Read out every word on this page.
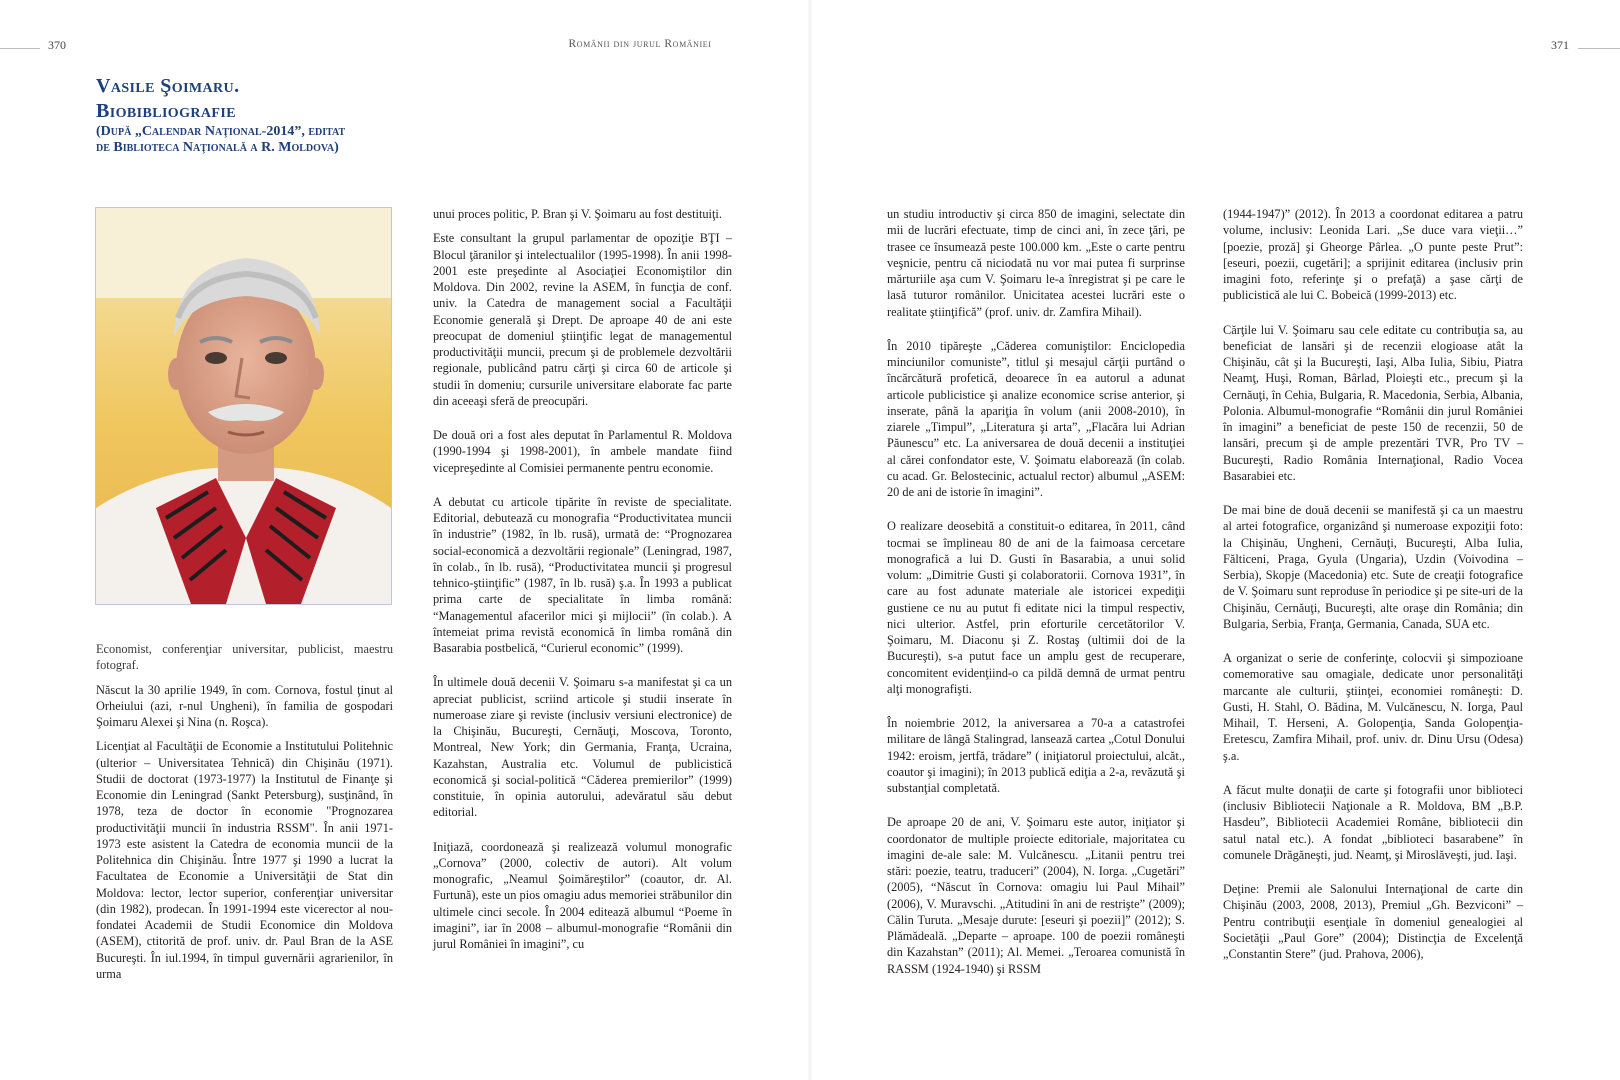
370	Românii din jurul României	371
Vasile Şoimaru.
Biobibliografie
(După „Calendar Naţional-2014”, editat
de Biblioteca Naţională a R. Moldova)

Economist, conferenţiar universitar, publicist, maestru fotograf.

Născut la 30 aprilie 1949, în com. Cornova, fostul ţinut al Orheiului (azi, r-nul Ungheni), în familia de gospodari Şoimaru Alexei şi Nina (n. Roşca).

Licenţiat al Facultăţii de Economie a Institutului Politehnic (ulterior – Universitatea Tehnică) din Chişinău (1971). Studii de doctorat (1973-1977) la Institutul de Finanţe şi Economie din Leningrad (Sankt Petersburg), susţinând, în 1978, teza de doctor în economie "Prognozarea productivităţii muncii în industria RSSM". În anii 1971-1973 este asistent la Catedra de economia muncii de la Politehnica din Chişinău. Între 1977 şi 1990 a lucrat la Facultatea de Economie a Universităţii de Stat din Moldova: lector, lector superior, conferenţiar universitar (din 1982), prodecan. În 1991-1994 este vicerector al nou-fondatei Academii de Studii Economice din Moldova (ASEM), ctitorită de prof. univ. dr. Paul Bran de la ASE Bucureşti. În iul.1994, în timpul guvernării agrarienilor, în urma

unui proces politic, P. Bran şi V. Şoimaru au fost destituiţi.

Este consultant la grupul parlamentar de opoziţie BŢI – Blocul ţăranilor şi intelectualilor (1995-1998). În anii 1998-2001 este preşedinte al Asociaţiei Economiştilor din Moldova. Din 2002, revine la ASEM, în funcţia de conf. univ. la Catedra de management social a Facultăţii Economie generală şi Drept. De aproape 40 de ani este preocupat de domeniul ştiinţific legat de managementul productivităţii muncii, precum şi de problemele dezvoltării regionale, publicând patru cărţi şi circa 60 de articole şi studii în domeniu; cursurile universitare elaborate fac parte din aceeaşi sferă de preocupări.

De două ori a fost ales deputat în Parlamentul R. Moldova (1990-1994 şi 1998-2001), în ambele mandate fiind vicepreşedinte al Comisiei permanente pentru economie.

A debutat cu articole tipărite în reviste de specialitate. Editorial, debutează cu monografia “Productivitatea muncii în industrie” (1982, în lb. rusă), urmată de: “Prognozarea social-economică a dezvoltării regionale” (Leningrad, 1987, în colab., în lb. rusă), “Productivitatea muncii şi progresul tehnico-ştiinţific” (1987, în lb. rusă) ş.a. În 1993 a publicat prima carte de specialitate în limba română: “Managementul afacerilor mici şi mijlocii” (în colab.). A întemeiat prima revistă economică în limba română din Basarabia postbelică, “Curierul economic” (1999).

În ultimele două decenii V. Şoimaru s-a manifestat şi ca un apreciat publicist, scriind articole şi studii inserate în numeroase ziare şi reviste (inclusiv versiuni electronice) de la Chişinău, Bucureşti, Cernăuţi, Moscova, Toronto, Montreal, New York; din Germania, Franţa, Ucraina, Kazahstan, Australia etc. Volumul de publicistică economică şi social-politică “Căderea premierilor” (1999) constituie, în opinia autorului, adevăratul său debut editorial.

Iniţiază, coordonează şi realizează volumul monografic „Cornova” (2000, colectiv de autori). Alt volum monografic, „Neamul Şoimăreştilor” (coautor, dr. Al. Furtună), este un pios omagiu adus memoriei străbunilor din ultimele cinci secole. În 2004 editează albumul “Poeme în imagini”, iar în 2008 – albumul-monografie “Românii din jurul României în imagini”, cu

un studiu introductiv şi circa 850 de imagini, selectate din mii de lucrări efectuate, timp de cinci ani, în zece ţări, pe trasee ce însumează peste 100.000 km. „Este o carte pentru veşnicie, pentru că niciodată nu vor mai putea fi surprinse mărturiile aşa cum V. Şoimaru le-a înregistrat şi pe care le lasă tuturor românilor. Unicitatea acestei lucrări este o realitate ştiinţifică” (prof. univ. dr. Zamfira Mihail).

În 2010 tipăreşte „Căderea comuniştilor: Enciclopedia minciunilor comuniste”, titlul şi mesajul cărţii purtând o încărcătură profetică, deoarece în ea autorul a adunat articole publicistice şi analize economice scrise anterior, şi inserate, până la apariţia în volum (anii 2008-2010), în ziarele „Timpul”, „Literatura şi arta”, „Flacăra lui Adrian Păunescu” etc. La aniversarea de două decenii a instituţiei al cărei confondator este, V. Şoimatu elaborează (în colab. cu acad. Gr. Belostecinic, actualul rector) albumul „ASEM: 20 de ani de istorie în imagini”.

O realizare deosebită a constituit-o editarea, în 2011, când tocmai se împlineau 80 de ani de la faimoasa cercetare monografică a lui D. Gusti în Basarabia, a unui solid volum: „Dimitrie Gusti şi colaboratorii. Cornova 1931”, în care au fost adunate materiale ale istoricei expediţii gustiene ce nu au putut fi editate nici la timpul respectiv, nici ulterior. Astfel, prin eforturile cercetătorilor V. Şoimaru, M. Diaconu şi Z. Rostaş (ultimii doi de la Bucureşti), s-a putut face un amplu gest de recuperare, concomitent evidenţiind-o ca pildă demnă de urmat pentru alţi monografişti.

În noiembrie 2012, la aniversarea a 70-a a catastrofei militare de lângă Stalingrad, lansează cartea „Cotul Donului 1942: eroism, jertfă, trădare” ( iniţiatorul proiectului, alcăt., coautor şi imagini); în 2013 publică ediţia a 2-a, revăzută şi substanţial completată.

De aproape 20 de ani, V. Şoimaru este autor, iniţiator şi coordonator de multiple proiecte editoriale, majoritatea cu imagini de-ale sale: M. Vulcănescu. „Litanii pentru trei stări: poezie, teatru, traduceri” (2004), N. Iorga. „Cugetări” (2005), “Născut în Cornova: omagiu lui Paul Mihail” (2006), V. Muravschi. „Atitudini în ani de restrişte” (2009); Călin Turuta. „Mesaje durute: [eseuri şi poezii]” (2012); S. Plămădeală. „Departe – aproape. 100 de poezii româneşti din Kazahstan” (2011); Al. Memei. „Teroarea comunistă în RASSM (1924-1940) şi RSSM

(1944-1947)” (2012). În 2013 a coordonat editarea a patru volume, inclusiv: Leonida Lari. „Se duce vara vieţii…” [poezie, proză] şi Gheorge Pârlea. „O punte peste Prut”: [eseuri, poezii, cugetări]; a sprijinit editarea (inclusiv prin imagini foto, referinţe şi o prefaţă) a şase cărţi de publicistică ale lui C. Bobeică (1999-2013) etc.

Cărţile lui V. Şoimaru sau cele editate cu contribuţia sa, au beneficiat de lansări şi de recenzii elogioase atât la Chişinău, cât şi la Bucureşti, Iaşi, Alba Iulia, Sibiu, Piatra Neamţ, Huşi, Roman, Bârlad, Ploieşti etc., precum şi la Cernăuţi, în Cehia, Bulgaria, R. Macedonia, Serbia, Albania, Polonia. Albumul-monografie “Românii din jurul României în imagini” a beneficiat de peste 150 de recenzii, 50 de lansări, precum şi de ample prezentări TVR, Pro TV – Bucureşti, Radio România Internaţional, Radio Vocea Basarabiei etc.

De mai bine de două decenii se manifestă şi ca un maestru al artei fotografice, organizând şi numeroase expoziţii foto: la Chişinău, Ungheni, Cernăuţi, Bucureşti, Alba Iulia, Fălticeni, Praga, Gyula (Ungaria), Uzdin (Voivodina – Serbia), Skopje (Macedonia) etc. Sute de creaţii fotografice de V. Şoimaru sunt reproduse în periodice şi pe site-uri de la Chişinău, Cernăuţi, Bucureşti, alte oraşe din România; din Bulgaria, Serbia, Franţa, Germania, Canada, SUA etc.

A organizat o serie de conferinţe, colocvii şi simpozioane comemorative sau omagiale, dedicate unor personalităţi marcante ale culturii, ştiinţei, economiei româneşti: D. Gusti, H. Stahl, O. Bădina, M. Vulcănescu, N. Iorga, Paul Mihail, T. Herseni, A. Golopenţia, Sanda Golopenţia-Eretescu, Zamfira Mihail, prof. univ. dr. Dinu Ursu (Odesa) ş.a.

A făcut multe donaţii de carte şi fotografii unor biblioteci (inclusiv Bibliotecii Naţionale a R. Moldova, BM „B.P. Hasdeu”, Bibliotecii Academiei Române, bibliotecii din satul natal etc.). A fondat „biblioteci basarabene” în comunele Drăgăneşti, jud. Neamţ, şi Miroslăveşti, jud. Iaşi.

Deţine: Premii ale Salonului Internaţional de carte din Chişinău (2003, 2008, 2013), Premiul „Gh. Bezviconi” – Pentru contribuţii esenţiale în domeniul genealogiei al Societăţii „Paul Gore” (2004); Distincţia de Excelenţă „Constantin Stere” (jud. Prahova, 2006),
